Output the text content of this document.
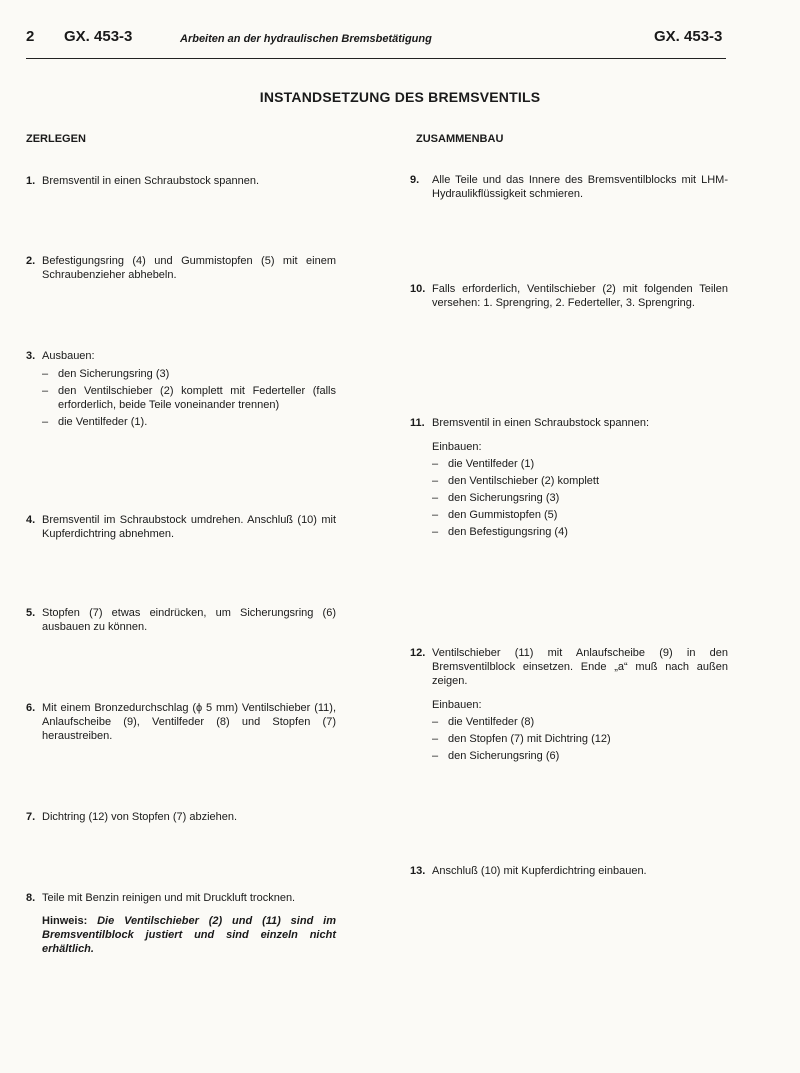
2 GX. 453-3	Arbeiten an der hydraulischen Bremsbetätigung	GX. 453-3
INSTANDSETZUNG DES BREMSVENTILS
ZERLEGEN	ZUSAMMENBAU
1. Bremsventil in einen Schraubstock spannen.
2. Befestigungsring (4) und Gummistopfen (5) mit einem Schraubenzieher abhebeln.
3. Ausbauen:
– den Sicherungsring (3)
– den Ventilschieber (2) komplett mit Federteller (falls erforderlich, beide Teile voneinander trennen)
– die Ventilfeder (1).
4. Bremsventil im Schraubstock umdrehen. Anschluß (10) mit Kupferdichtring abnehmen.
5. Stopfen (7) etwas eindrücken, um Sicherungsring (6) ausbauen zu können.
6. Mit einem Bronzedurchschlag (ϕ 5 mm) Ventilschieber (11), Anlaufscheibe (9), Ventilfeder (8) und Stopfen (7) heraustreiben.
7. Dichtring (12) von Stopfen (7) abziehen.
8. Teile mit Benzin reinigen und mit Druckluft trocknen.
Hinweis: Die Ventilschieber (2) und (11) sind im Bremsventilblock justiert und sind einzeln nicht erhältlich.
9. Alle Teile und das Innere des Bremsventilblocks mit LHM-Hydraulikflüssigkeit schmieren.
10. Falls erforderlich, Ventilschieber (2) mit folgenden Teilen versehen: 1. Sprengring, 2. Federteller, 3. Sprengring.
11. Bremsventil in einen Schraubstock spannen:
Einbauen:
– die Ventilfeder (1)
– den Ventilschieber (2) komplett
– den Sicherungsring (3)
– den Gummistopfen (5)
– den Befestigungsring (4)
12. Ventilschieber (11) mit Anlaufscheibe (9) in den Bremsventilblock einsetzen. Ende „a“ muß nach außen zeigen.
Einbauen:
– die Ventilfeder (8)
– den Stopfen (7) mit Dichtring (12)
– den Sicherungsring (6)
13. Anschluß (10) mit Kupferdichtring einbauen.
